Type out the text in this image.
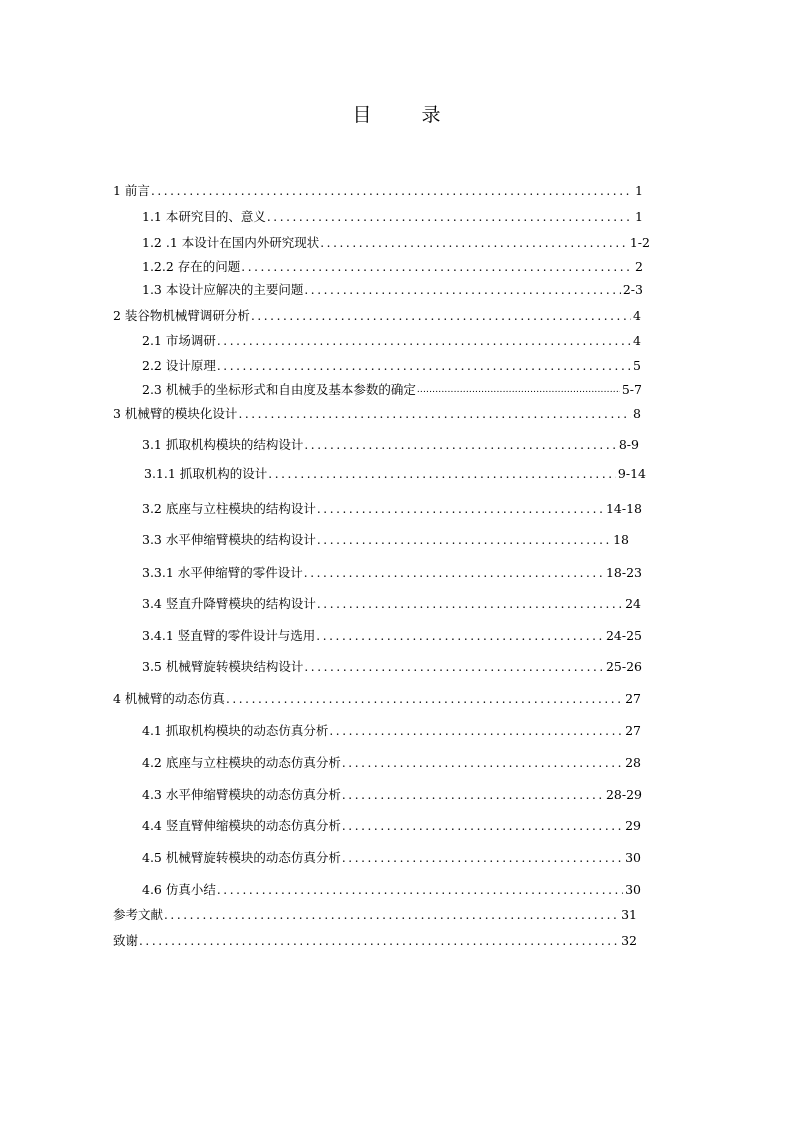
目 录
1 前言 .....	1
1.1 本研究目的、意义 .....	1
1.2 .1 本设计在国内外研究现状 .....	1-2
1.2.2 存在的问题 .....	2
1.3 本设计应解决的主要问题 .....	2-3
2 装谷物机械臂调研分析 .....	4
2.1 市场调研 .....	4
2.2 设计原理 .....	5
2.3 机械手的坐标形式和自由度及基本参数的确定 .....	5-7
3 机械臂的模块化设计 .....	8
3.1 抓取机构模块的结构设计 .....	8-9
3.1.1 抓取机构的设计 .....	9-14
3.2 底座与立柱模块的结构设计 .....	14-18
3.3 水平伸缩臂模块的结构设计 .....	18
3.3.1 水平伸缩臂的零件设计 .....	18-23
3.4 竖直升降臂模块的结构设计 .....	24
3.4.1 竖直臂的零件设计与选用 .....	24-25
3.5 机械臂旋转模块结构设计 .....	25-26
4 机械臂的动态仿真 .....	27
4.1 抓取机构模块的动态仿真分析 .....	27
4.2 底座与立柱模块的动态仿真分析 .....	28
4.3 水平伸缩臂模块的动态仿真分析 .....	28-29
4.4 竖直臂伸缩模块的动态仿真分析 .....	29
4.5 机械臂旋转模块的动态仿真分析 .....	30
4.6 仿真小结 .....	30
参考文献 .....	31
致谢 .....	32
